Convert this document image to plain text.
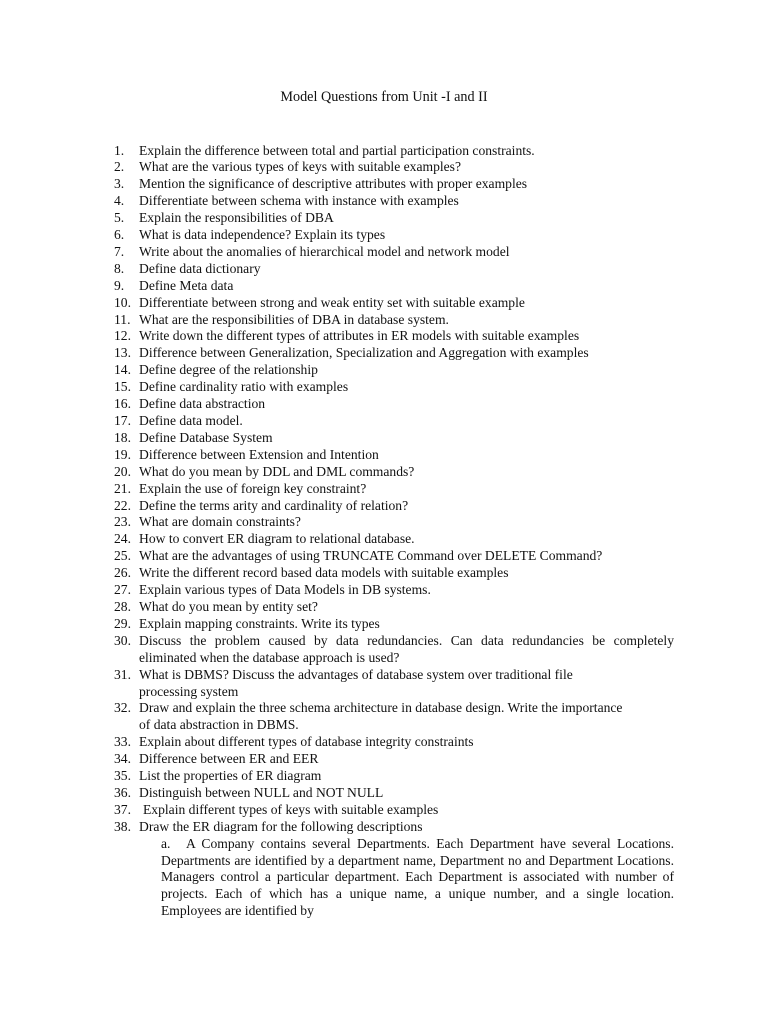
Model Questions from Unit -I and II
1.	Explain the difference between total and partial participation constraints.
2.	What are the various types of keys with suitable examples?
3.	Mention the significance of descriptive attributes with proper examples
4.	Differentiate between schema with instance with examples
5.	Explain the responsibilities of DBA
6.	What is data independence? Explain its types
7.	Write about the anomalies of hierarchical model and network model
8.	Define data dictionary
9.	Define Meta data
10. Differentiate between strong and weak entity set with suitable example
11. What are the responsibilities of DBA in database system.
12. Write down the different types of attributes in ER models with suitable examples
13. Difference between Generalization, Specialization and Aggregation with examples
14. Define degree of the relationship
15. Define cardinality ratio with examples
16. Define data abstraction
17. Define data model.
18. Define Database System
19. Difference between Extension and Intention
20. What do you mean by DDL and DML commands?
21. Explain the use of foreign key constraint?
22. Define the terms arity and cardinality of relation?
23. What are domain constraints?
24. How to convert ER diagram to relational database.
25. What are the advantages of using TRUNCATE Command over DELETE Command?
26. Write the different record based data models with suitable examples
27. Explain various types of Data Models in DB systems.
28. What do you mean by entity set?
29. Explain mapping constraints. Write its types
30. Discuss the problem caused by data redundancies. Can data redundancies be completely eliminated when the database approach is used?
31. What is DBMS? Discuss the advantages of database system over traditional file processing system
32. Draw and explain the three schema architecture in database design. Write the importance of data abstraction in DBMS.
33. Explain about different types of database integrity constraints
34. Difference between ER and EER
35. List the properties of ER diagram
36. Distinguish between NULL and NOT NULL
37. Explain different types of keys with suitable examples
38. Draw the ER diagram for the following descriptions
a.	A Company contains several Departments. Each Department have several Locations. Departments are identified by a department name, Department no and Department Locations. Managers control a particular department. Each Department is associated with number of projects. Each of which has a unique name, a unique number, and a single location. Employees are identified by
